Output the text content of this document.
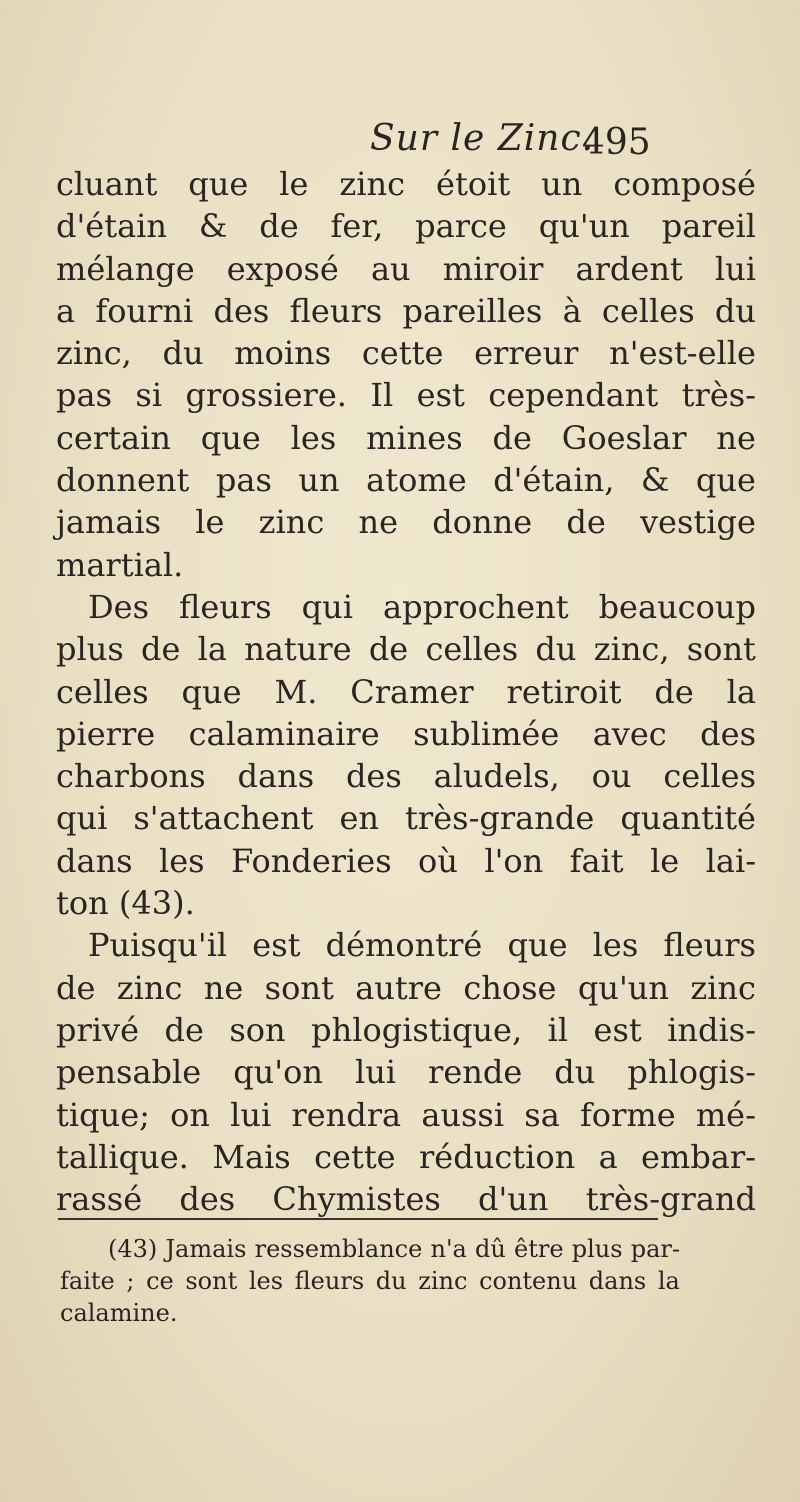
Sur le Zinc.
495
cluant que le zinc étoit un composé
d'étain & de fer, parce qu'un pareil
mélange exposé au miroir ardent lui
a fourni des fleurs pareilles à celles du
zinc, du moins cette erreur n'est-elle
pas si grossiere. Il est cependant très-
certain que les mines de Goeslar ne
donnent pas un atome d'étain, & que
jamais le zinc ne donne de vestige
martial.
Des fleurs qui approchent beaucoup
plus de la nature de celles du zinc, sont
celles que M. Cramer retiroit de la
pierre calaminaire sublimée avec des
charbons dans des aludels, ou celles
qui s'attachent en très-grande quantité
dans les Fonderies où l'on fait le lai-
ton (43).
Puisqu'il est démontré que les fleurs
de zinc ne sont autre chose qu'un zinc
privé de son phlogistique, il est indis-
pensable qu'on lui rende du phlogis-
tique; on lui rendra aussi sa forme mé-
tallique. Mais cette réduction a embar-
rassé des Chymistes d'un très-grand
(43) Jamais ressemblance n'a dû être plus par-
faite ; ce sont les fleurs du zinc contenu dans la
calamine.
